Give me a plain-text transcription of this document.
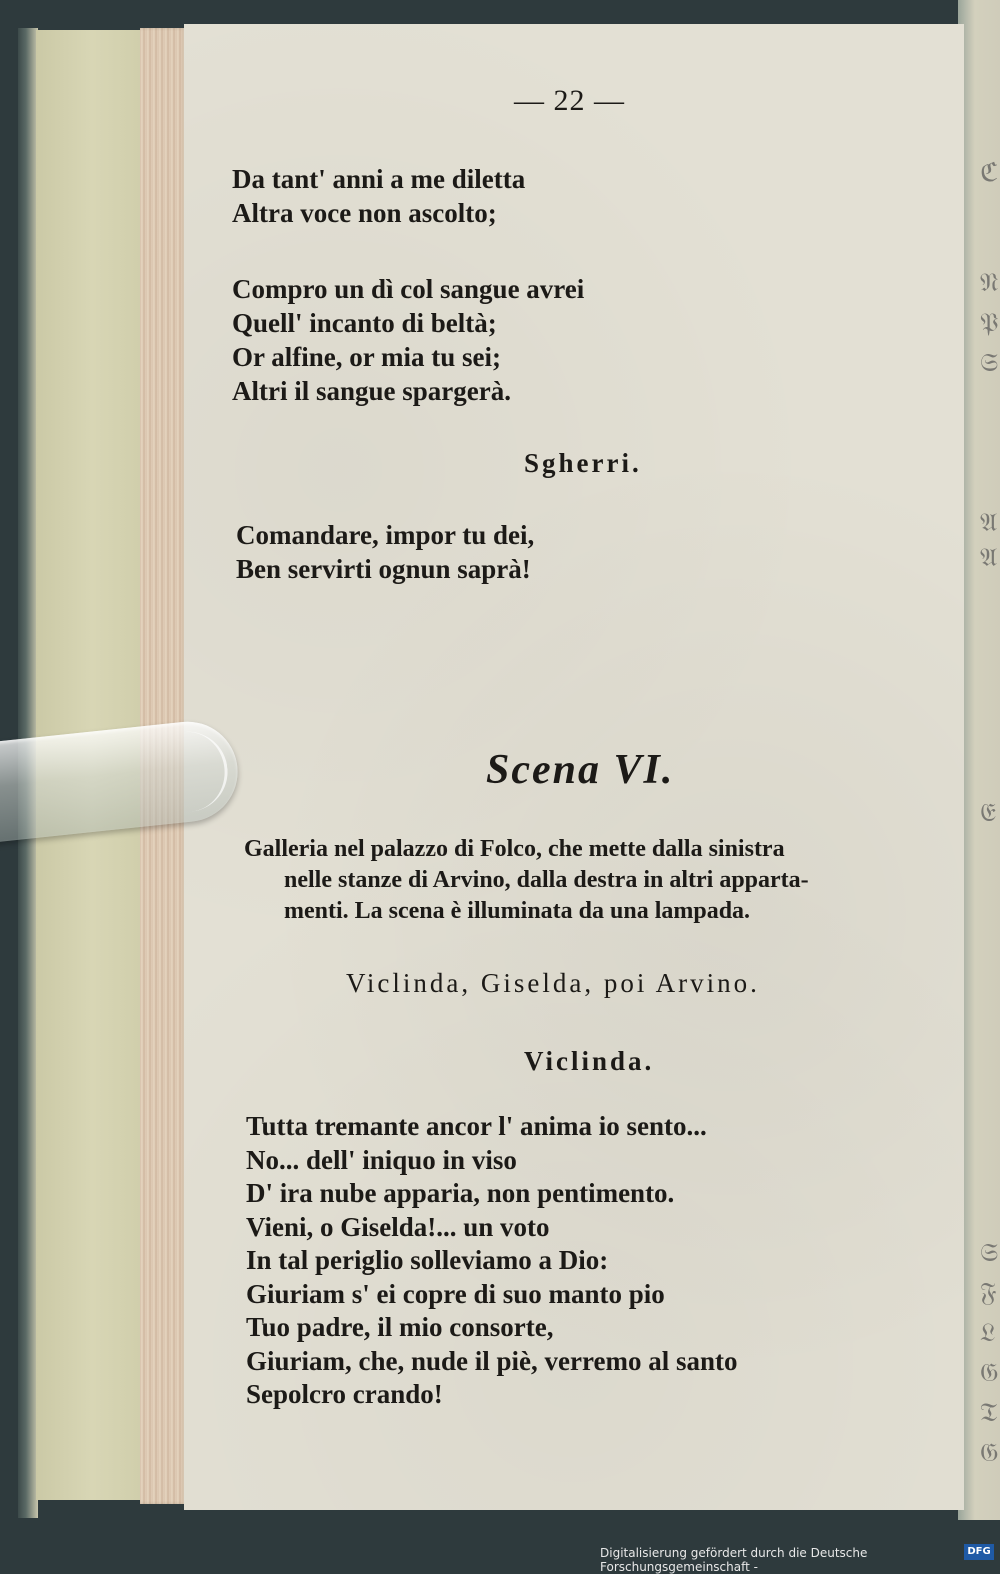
ℭ
𝔑
𝔓
𝔖
𝔄
𝔄
𝔈
𝔖
𝔉
𝔏
𝔊
𝔗
𝔊
— 22 —
Da tant' anni a me diletta
Altra voce non ascolto;
Compro un dì col sangue avrei
Quell' incanto di beltà;
Or alfine, or mia tu sei;
Altri il sangue spargerà.
Sgherri.
Comandare, impor tu dei,
Ben servirti ognun saprà!
Scena VI.
Galleria nel palazzo di Folco, che mette dalla sinistra
nelle stanze di Arvino, dalla destra in altri apparta-
menti. La scena è illuminata da una lampada.
Viclinda, Giselda, poi Arvino.
Viclinda.
Tutta tremante ancor l' anima io sento...
No... dell' iniquo in viso
D' ira nube apparia, non pentimento.
Vieni, o Giselda!... un voto
In tal periglio solleviamo a Dio:
Giuriam s' ei copre di suo manto pio
Tuo padre, il mio consorte,
Giuriam, che, nude il piè, verremo al santo
Sepolcro crando!
Digitalisierung gefördert durch die Deutsche Forschungsgemeinschaft -
DFG
